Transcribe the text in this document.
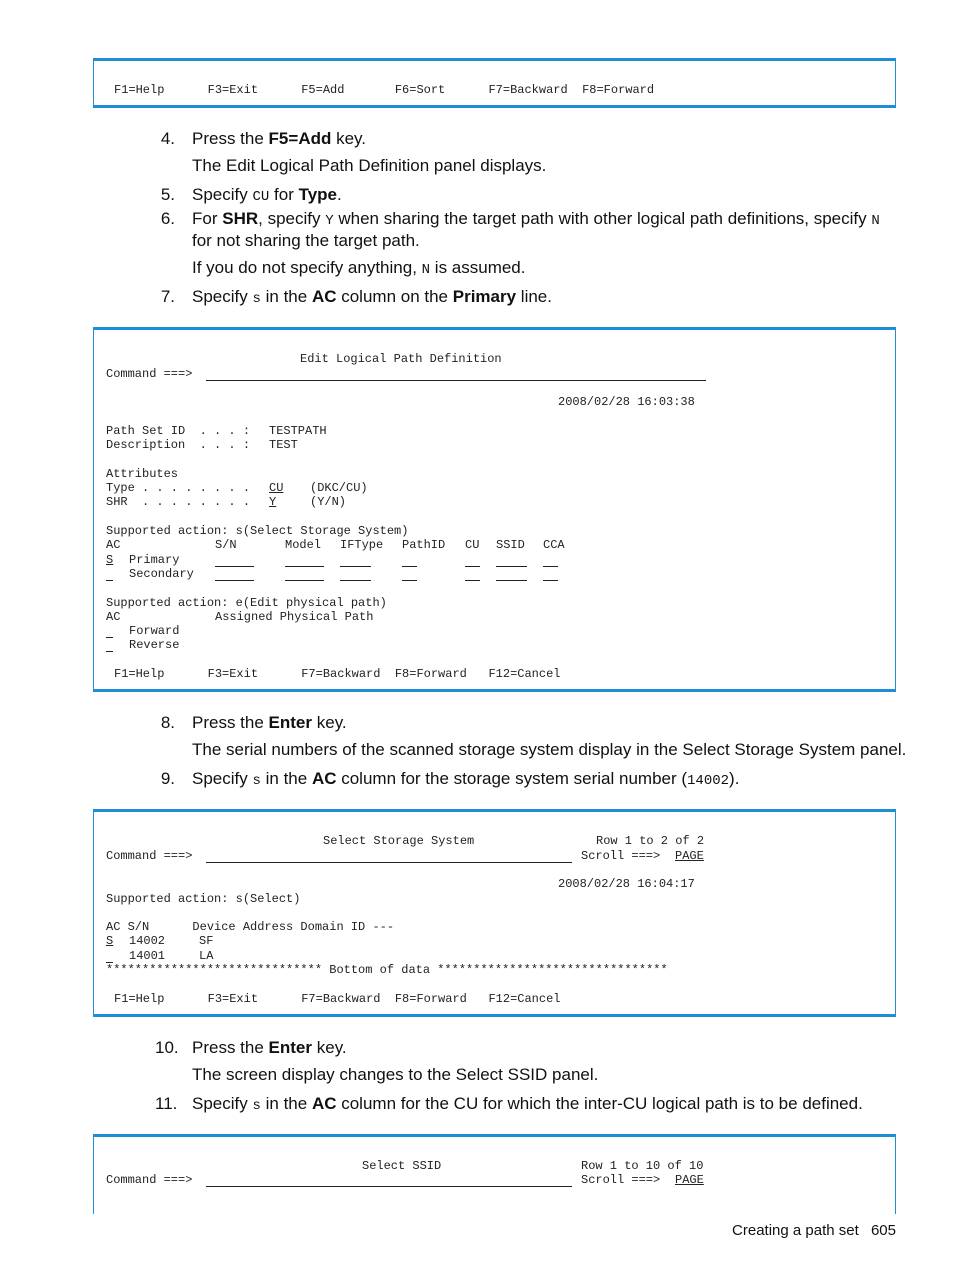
F1=Help      F3=Exit      F5=Add       F6=Sort      F7=Backward  F8=Forward
4. Press the F5=Add key.
The Edit Logical Path Definition panel displays.
5. Specify CU for Type.
6. For SHR, specify Y when sharing the target path with other logical path definitions, specify N
for not sharing the target path.
If you do not specify anything, N is assumed.
7. Specify s in the AC column on the Primary line.
Edit Logical Path Definition
Command ===>
2008/02/28 16:03:38
Path Set ID  . . . : TESTPATH
Description  . . . : TEST
Attributes
Type . . . . . . . . CU	(DKC/CU)
SHR  . . . . . . . . Y	(Y/N)
Supported action: s(Select Storage System)
AC	S/N	Model IFType PathID CU SSID CCA
S Primary
Secondary
Supported action: e(Edit physical path)
AC	Assigned Physical Path
Forward
Reverse
F1=Help      F3=Exit      F7=Backward  F8=Forward   F12=Cancel
8. Press the Enter key.
The serial numbers of the scanned storage system display in the Select Storage System panel.
9. Specify s in the AC column for the storage system serial number (14002).
Select Storage System	Row 1 to 2 of 2
Command ===>	Scroll ===> PAGE
2008/02/28 16:04:17
Supported action: s(Select)
AC S/N      Device Address Domain ID ---
S 14002	SF
14001	LA
****************************** Bottom of data ********************************
F1=Help      F3=Exit      F7=Backward  F8=Forward   F12=Cancel
10. Press the Enter key.
The screen display changes to the Select SSID panel.
11. Specify s in the AC column for the CU for which the inter-CU logical path is to be defined.
Select SSID	Row 1 to 10 of 10
Command ===>	Scroll ===> PAGE
Creating a path set 605
